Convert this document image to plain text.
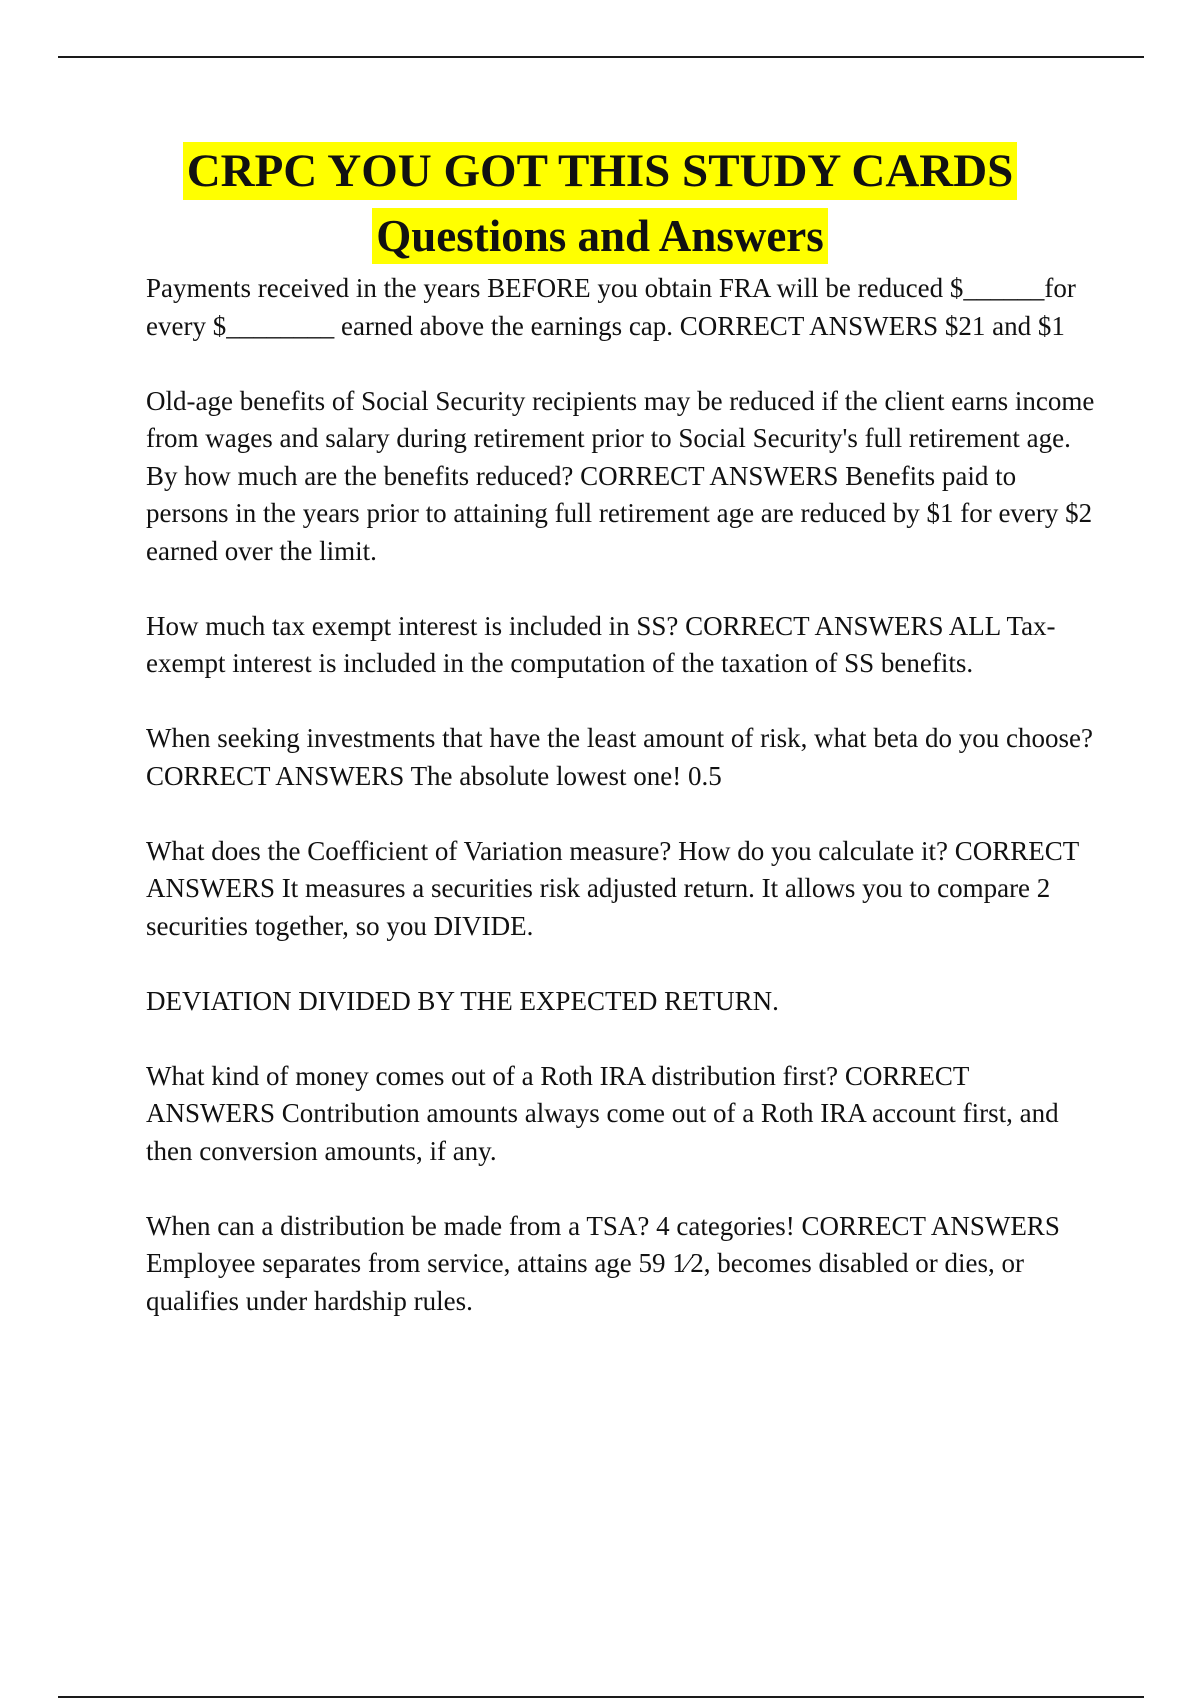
CRPC YOU GOT THIS STUDY CARDS
Questions and Answers

Payments received in the years BEFORE you obtain FRA will be reduced $______for every $________ earned above the earnings cap. CORRECT ANSWERS $21 and $1

Old-age benefits of Social Security recipients may be reduced if the client earns income from wages and salary during retirement prior to Social Security's full retirement age. By how much are the benefits reduced? CORRECT ANSWERS Benefits paid to persons in the years prior to attaining full retirement age are reduced by $1 for every $2 earned over the limit.

How much tax exempt interest is included in SS? CORRECT ANSWERS ALL Tax-exempt interest is included in the computation of the taxation of SS benefits.

When seeking investments that have the least amount of risk, what beta do you choose? CORRECT ANSWERS The absolute lowest one! 0.5

What does the Coefficient of Variation measure? How do you calculate it? CORRECT ANSWERS It measures a securities risk adjusted return. It allows you to compare 2 securities together, so you DIVIDE.

DEVIATION DIVIDED BY THE EXPECTED RETURN.

What kind of money comes out of a Roth IRA distribution first? CORRECT ANSWERS Contribution amounts always come out of a Roth IRA account first, and then conversion amounts, if any.

When can a distribution be made from a TSA? 4 categories! CORRECT ANSWERS Employee separates from service, attains age 59 1⁄2, becomes disabled or dies, or qualifies under hardship rules.
